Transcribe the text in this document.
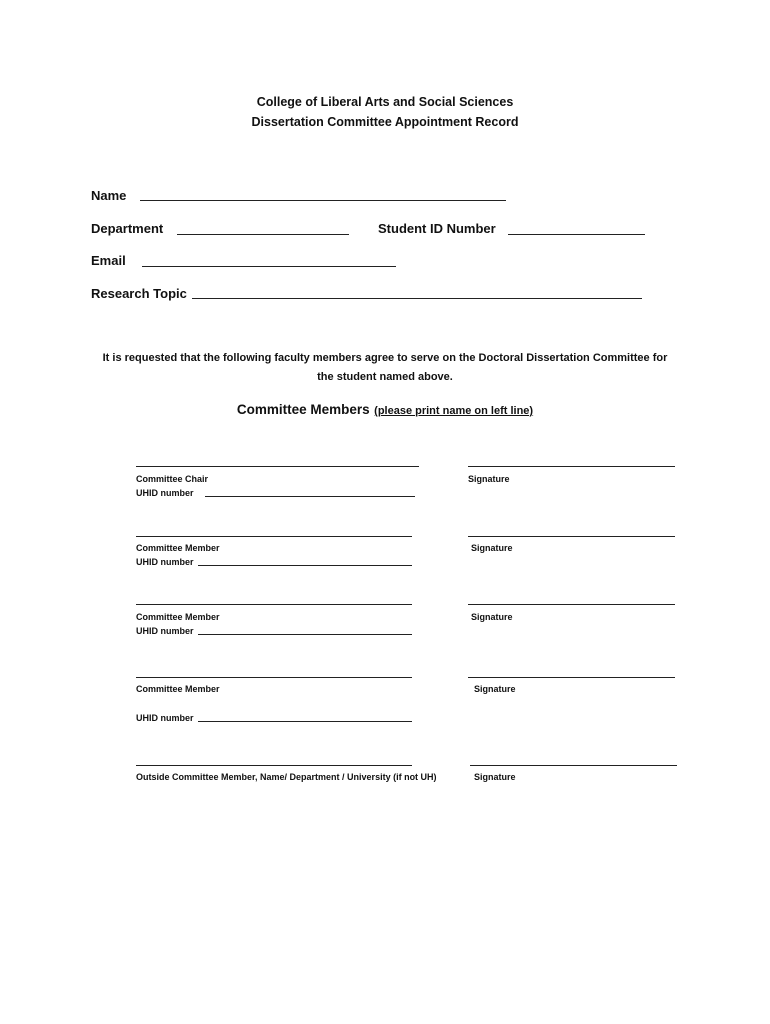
College of Liberal Arts and Social Sciences
Dissertation Committee Appointment Record
Name
Department	Student ID Number
Email
Research Topic
It is requested that the following faculty members agree to serve on the Doctoral Dissertation Committee for
the student named above.
Committee Members (please print name on left line)
Committee Chair	Signature
UHID number
Committee Member	Signature
UHID number
Committee Member	Signature
UHID number
Committee Member	Signature
UHID number
Outside Committee Member, Name/ Department / University (if not UH)	Signature
